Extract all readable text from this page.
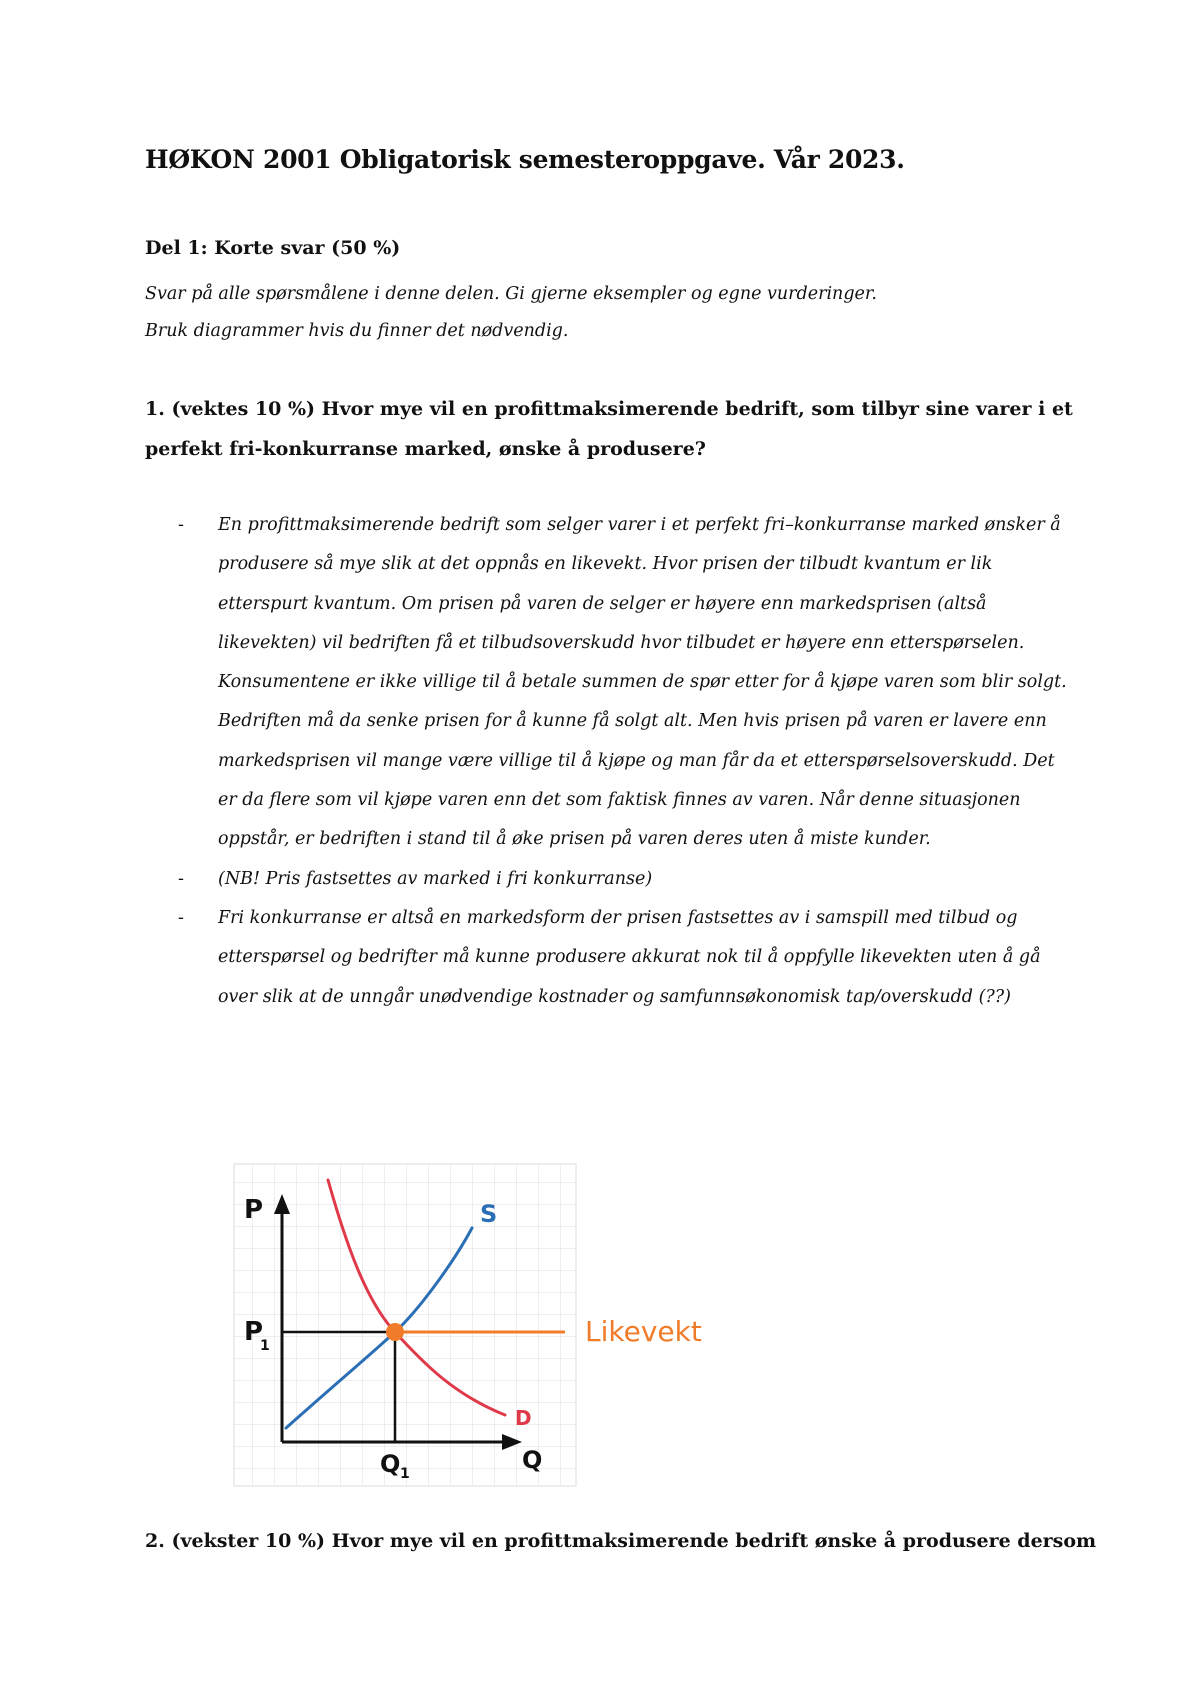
HØKON 2001 Obligatorisk semesteroppgave. Vår 2023.
Del 1: Korte svar (50 %)
Svar på alle spørsmålene i denne delen. Gi gjerne eksempler og egne vurderinger.
Bruk diagrammer hvis du finner det nødvendig.
1. (vektes 10 %) Hvor mye vil en profittmaksimerende bedrift, som tilbyr sine varer i et perfekt fri-konkurranse marked, ønske å produsere?
- En profittmaksimerende bedrift som selger varer i et perfekt fri–konkurranse marked ønsker å produsere så mye slik at det oppnås en likevekt. Hvor prisen der tilbudt kvantum er lik etterspurt kvantum. Om prisen på varen de selger er høyere enn markedsprisen (altså likevekten) vil bedriften få et tilbudsoverskudd hvor tilbudet er høyere enn etterspørselen. Konsumentene er ikke villige til å betale summen de spør etter for å kjøpe varen som blir solgt. Bedriften må da senke prisen for å kunne få solgt alt. Men hvis prisen på varen er lavere enn markedsprisen vil mange være villige til å kjøpe og man får da et etterspørselsoverskudd. Det er da flere som vil kjøpe varen enn det som faktisk finnes av varen. Når denne situasjonen oppstår, er bedriften i stand til å øke prisen på varen deres uten å miste kunder.
- (NB! Pris fastsettes av marked i fri konkurranse)
- Fri konkurranse er altså en markedsform der prisen fastsettes av i samspill med tilbud og etterspørsel og bedrifter må kunne produsere akkurat nok til å oppfylle likevekten uten å gå over slik at de unngår unødvendige kostnader og samfunnsøkonomisk tap/overskudd (??)
P
P
1
Q 1	Q
S
D
Likevekt
2. (vekster 10 %) Hvor mye vil en profittmaksimerende bedrift ønske å produsere dersom
